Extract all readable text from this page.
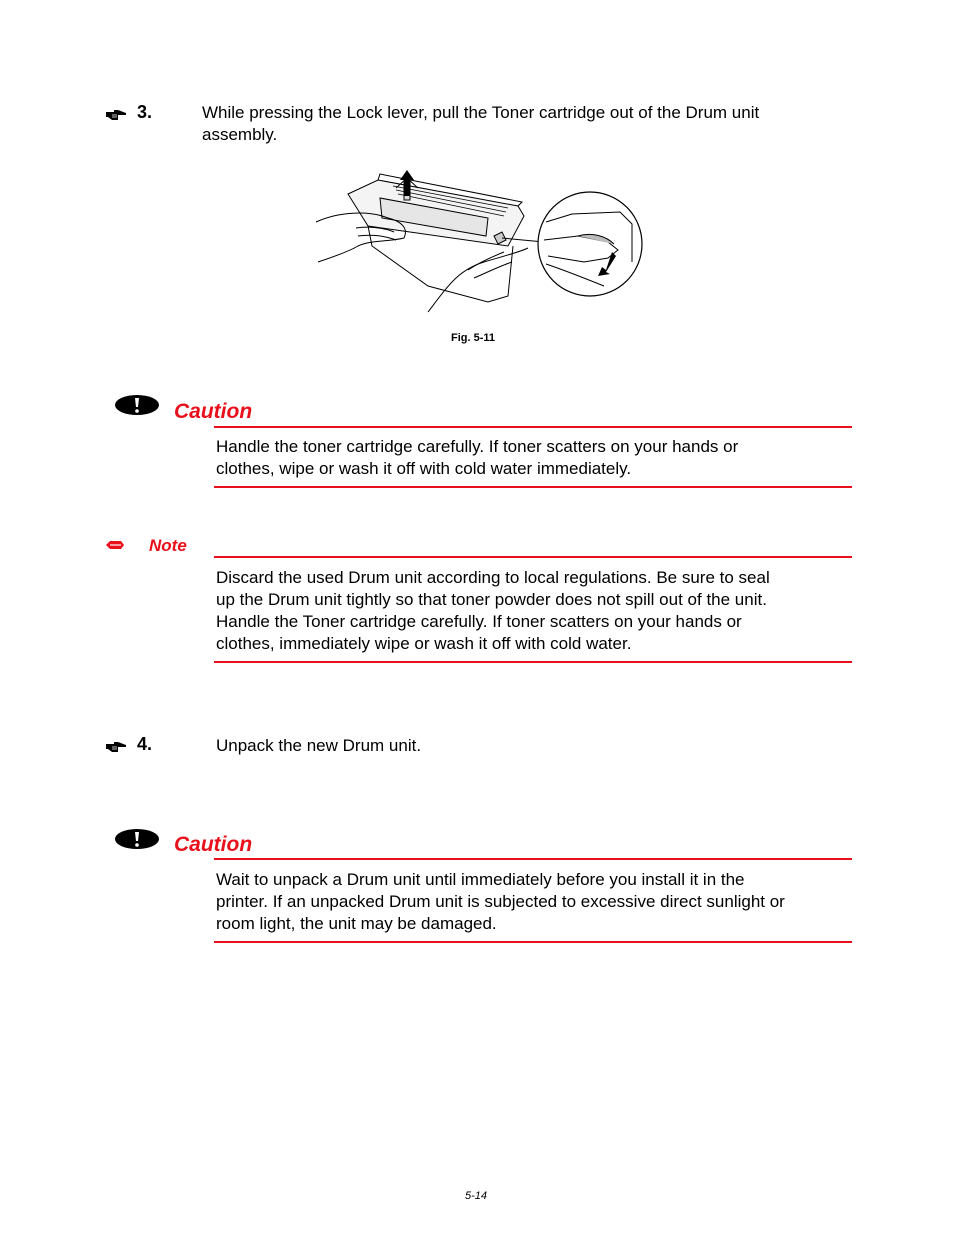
3.	While pressing the Lock lever, pull the Toner cartridge out of the Drum unit
assembly.
Fig. 5-11
Caution
Handle the toner cartridge carefully. If toner scatters on your hands or
clothes, wipe or wash it off with cold water immediately.
Note
Discard the used Drum unit according to local regulations. Be sure to seal
up the Drum unit tightly so that toner powder does not spill out of the unit.
Handle the Toner cartridge carefully. If toner scatters on your hands or
clothes, immediately wipe or wash it off with cold water.
4.	Unpack the new Drum unit.
Caution
Wait to unpack a Drum unit until immediately before you install it in the
printer. If an unpacked Drum unit is subjected to excessive direct sunlight or
room light, the unit may be damaged.
5-14
